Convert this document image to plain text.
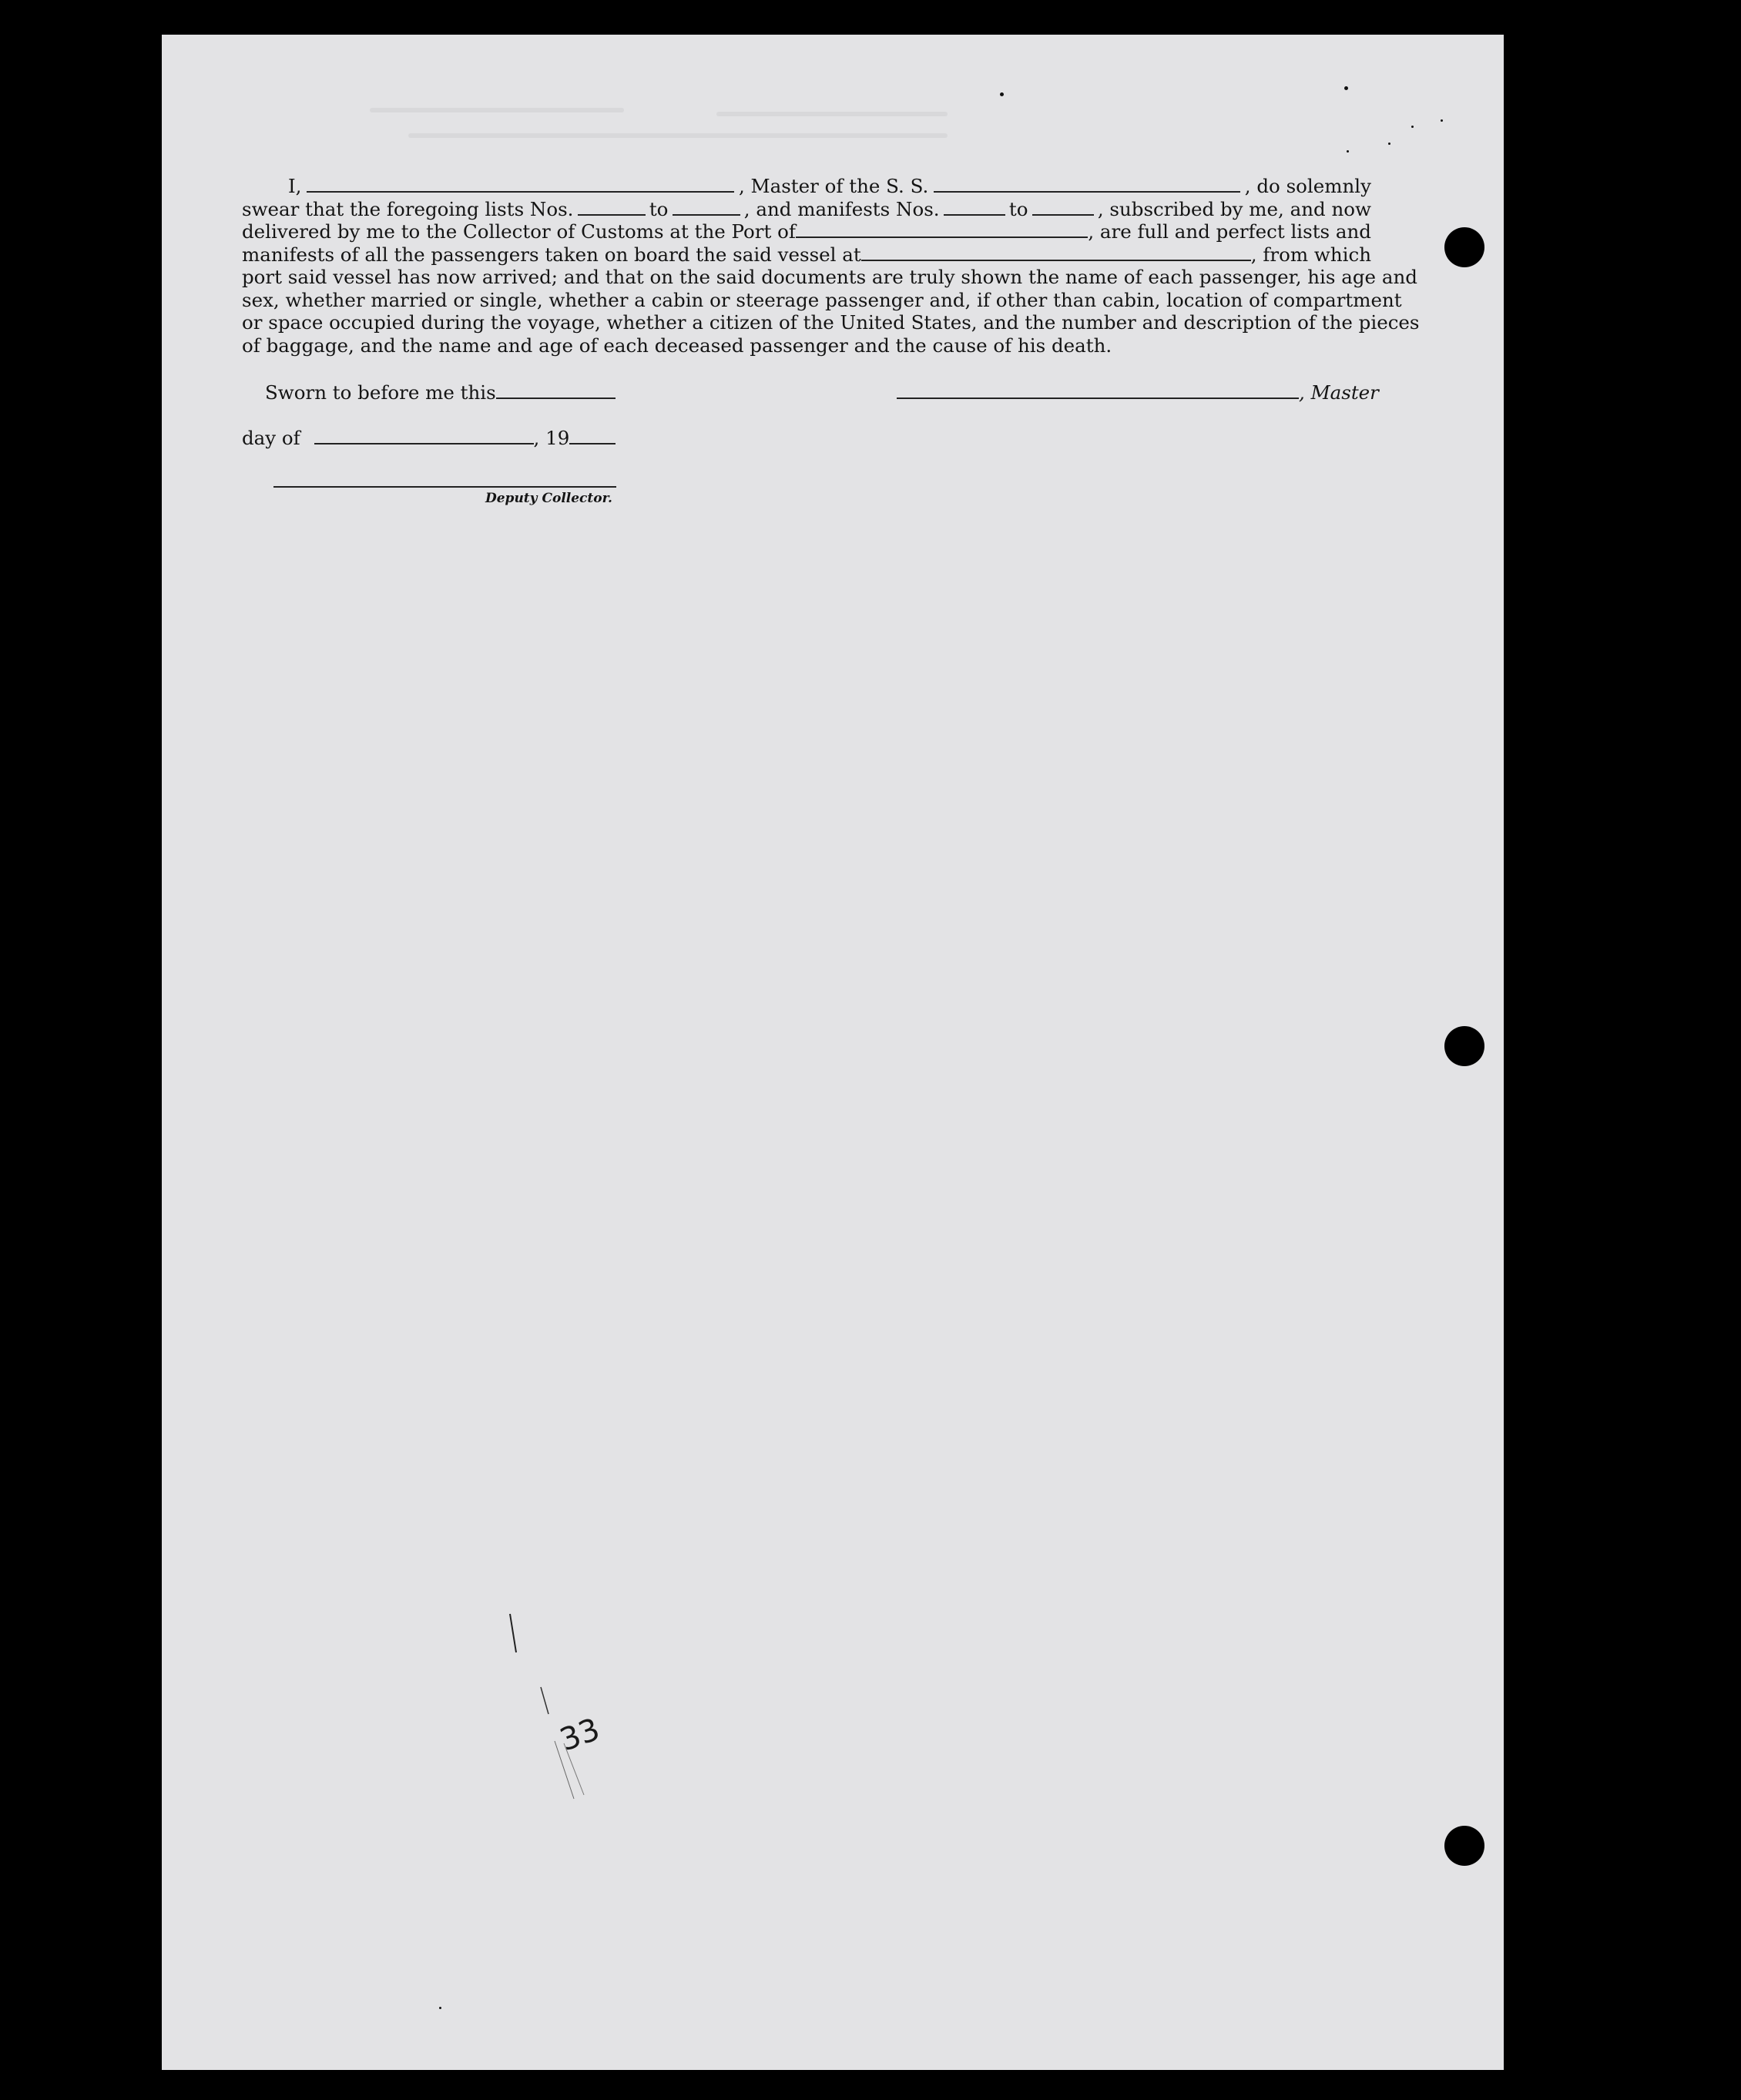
I,	, Master of the S. S.	, do solemnly
swear that the foregoing lists Nos.	to	, and manifests Nos.	to	, subscribed by me, and now
delivered by me to the Collector of Customs at the Port of	, are full and perfect lists and
manifests of all the passengers taken on board the said vessel at	, from which
port said vessel has now arrived; and that on the said documents are truly shown the name of each passenger, his age and
sex, whether married or single, whether a cabin or steerage passenger and, if other than cabin, location of compartment
or space occupied during the voyage, whether a citizen of the United States, and the number and description of the pieces
of baggage, and the name and age of each deceased passenger and the cause of his death.
Sworn to before me this	, Master
day of	, 19
Deputy Collector.
33
